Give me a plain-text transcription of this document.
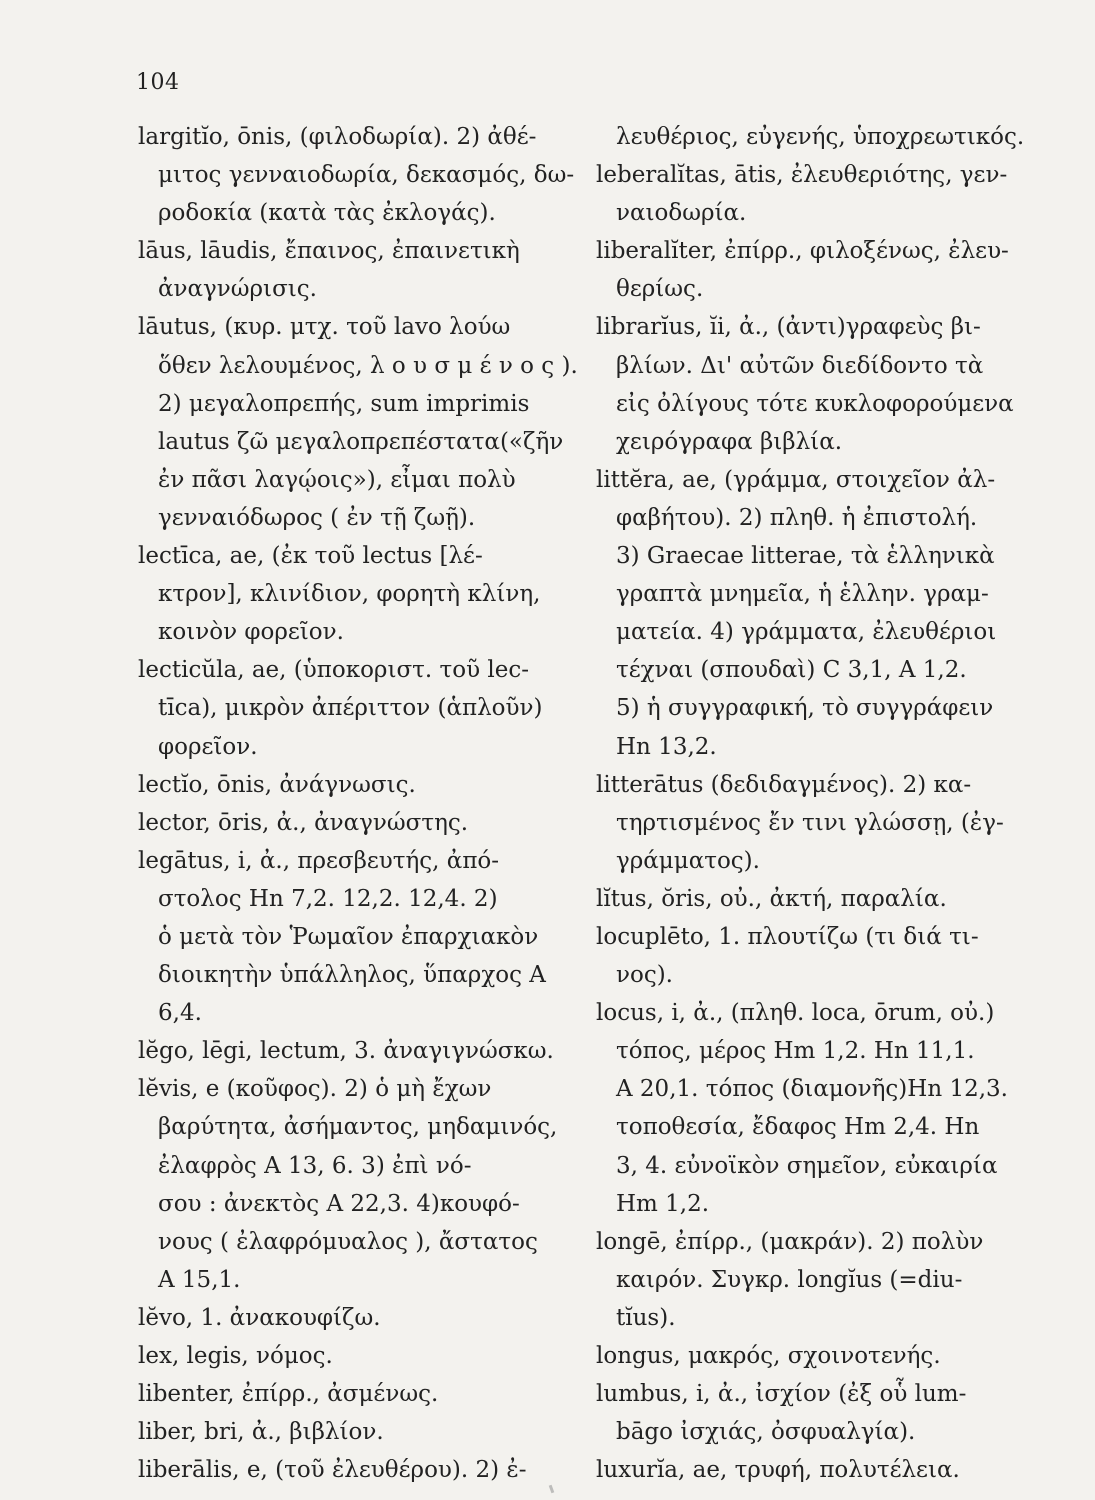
104
largitĭo, ōnis, (φιλοδωρία). 2) ἀθέ-
μιτος γενναιοδωρία, δεκασμός, δω-
ροδοκία (κατὰ τὰς ἐκλογάς).
lāus, lāudis, ἔπαινος, ἐπαινετικὴ
ἀναγνώρισις.
lāutus, (κυρ. μτχ. τοῦ lavo λούω
ὅθεν λελουμένος, λ ο υ σ μ έ ν ο ς ).
2) μεγαλοπρεπής, sum imprimis
lautus ζῶ μεγαλοπρεπέστατα(«ζῆν
ἐν πᾶσι λαγῴοις»), εἶμαι πολὺ
γενναιόδωρος ( ἐν τῇ ζωῇ).
lectīca, ae, (ἐκ τοῦ lectus [λέ-
κτρον], κλινίδιον, φορητὴ κλίνη,
κοινὸν φορεῖον.
lecticŭla, ae, (ὑποκοριστ. τοῦ lec-
tīca), μικρὸν ἀπέριττον (ἁπλοῦν)
φορεῖον.
lectĭo, ōnis, ἀνάγνωσις.
lector, ōris, ἀ., ἀναγνώστης.
legātus, i, ἀ., πρεσβευτής, ἀπό-
στολος Hn 7,2. 12,2. 12,4. 2)
ὁ μετὰ τὸν Ῥωμαῖον ἐπαρχιακὸν
διοικητὴν ὑπάλληλος, ὕπαρχος A
6,4.
lĕgo, lēgi, lectum, 3. ἀναγιγνώσκω.
lĕvis, e (κοῦφος). 2) ὁ μὴ ἔχων
βαρύτητα, ἀσήμαντος, μηδαμινός,
ἐλαφρὸς A 13, 6. 3) ἐπὶ νό-
σου : ἀνεκτὸς A 22,3. 4)κουφό-
νους ( ἐλαφρόμυαλος ), ἄστατος
A 15,1.
lĕvo, 1. ἀνακουφίζω.
lex, legis, νόμος.
libenter, ἐπίρρ., ἀσμένως.
liber, bri, ἀ., βιβλίον.
liberālis, e, (τοῦ ἐλευθέρου). 2) ἐ-
λευθέριος, εὐγενής, ὑποχρεωτικός.
leberalĭtas, ātis, ἐλευθεριότης, γεν-
ναιοδωρία.
liberalĭter, ἐπίρρ., φιλοξένως, ἐλευ-
θερίως.
librarĭus, ĭi, ἀ., (ἀντι)γραφεὺς βι-
βλίων. Δι' αὐτῶν διεδίδοντο τὰ
εἰς ὀλίγους τότε κυκλοφορούμενα
χειρόγραφα βιβλία.
littĕra, ae, (γράμμα, στοιχεῖον ἀλ-
φαβήτου). 2) πληθ. ἡ ἐπιστολή.
3) Graecae litterae, τὰ ἑλληνικὰ
γραπτὰ μνημεῖα, ἡ ἑλλην. γραμ-
ματεία. 4) γράμματα, ἐλευθέριοι
τέχναι (σπουδαὶ) C 3,1, A 1,2.
5) ἡ συγγραφική, τὸ συγγράφειν
Hn 13,2.
litterātus (δεδιδαγμένος). 2) κα-
τηρτισμένος ἔν τινι γλώσσῃ, (ἐγ-
γράμματος).
lĭtus, ŏris, οὐ., ἀκτή, παραλία.
locuplēto, 1. πλουτίζω (τι διά τι-
νος).
locus, i, ἀ., (πληθ. loca, ōrum, οὐ.)
τόπος, μέρος Hm 1,2. Hn 11,1.
A 20,1. τόπος (διαμονῆς)Hn 12,3.
τοποθεσία, ἔδαφος Hm 2,4. Hn
3, 4. εὐνοϊκὸν σημεῖον, εὐκαιρία
Hm 1,2.
longē, ἐπίρρ., (μακράν). 2) πολὺν
καιρόν. Συγκρ. longĭus (=diu-
tĭus).
longus, μακρός, σχοινοτενής.
lumbus, i, ἀ., ἰσχίον (ἐξ οὗ lum-
bāgo ἰσχιάς, ὀσφυαλγία).
luxurĭa, ae, τρυφή, πολυτέλεια.
